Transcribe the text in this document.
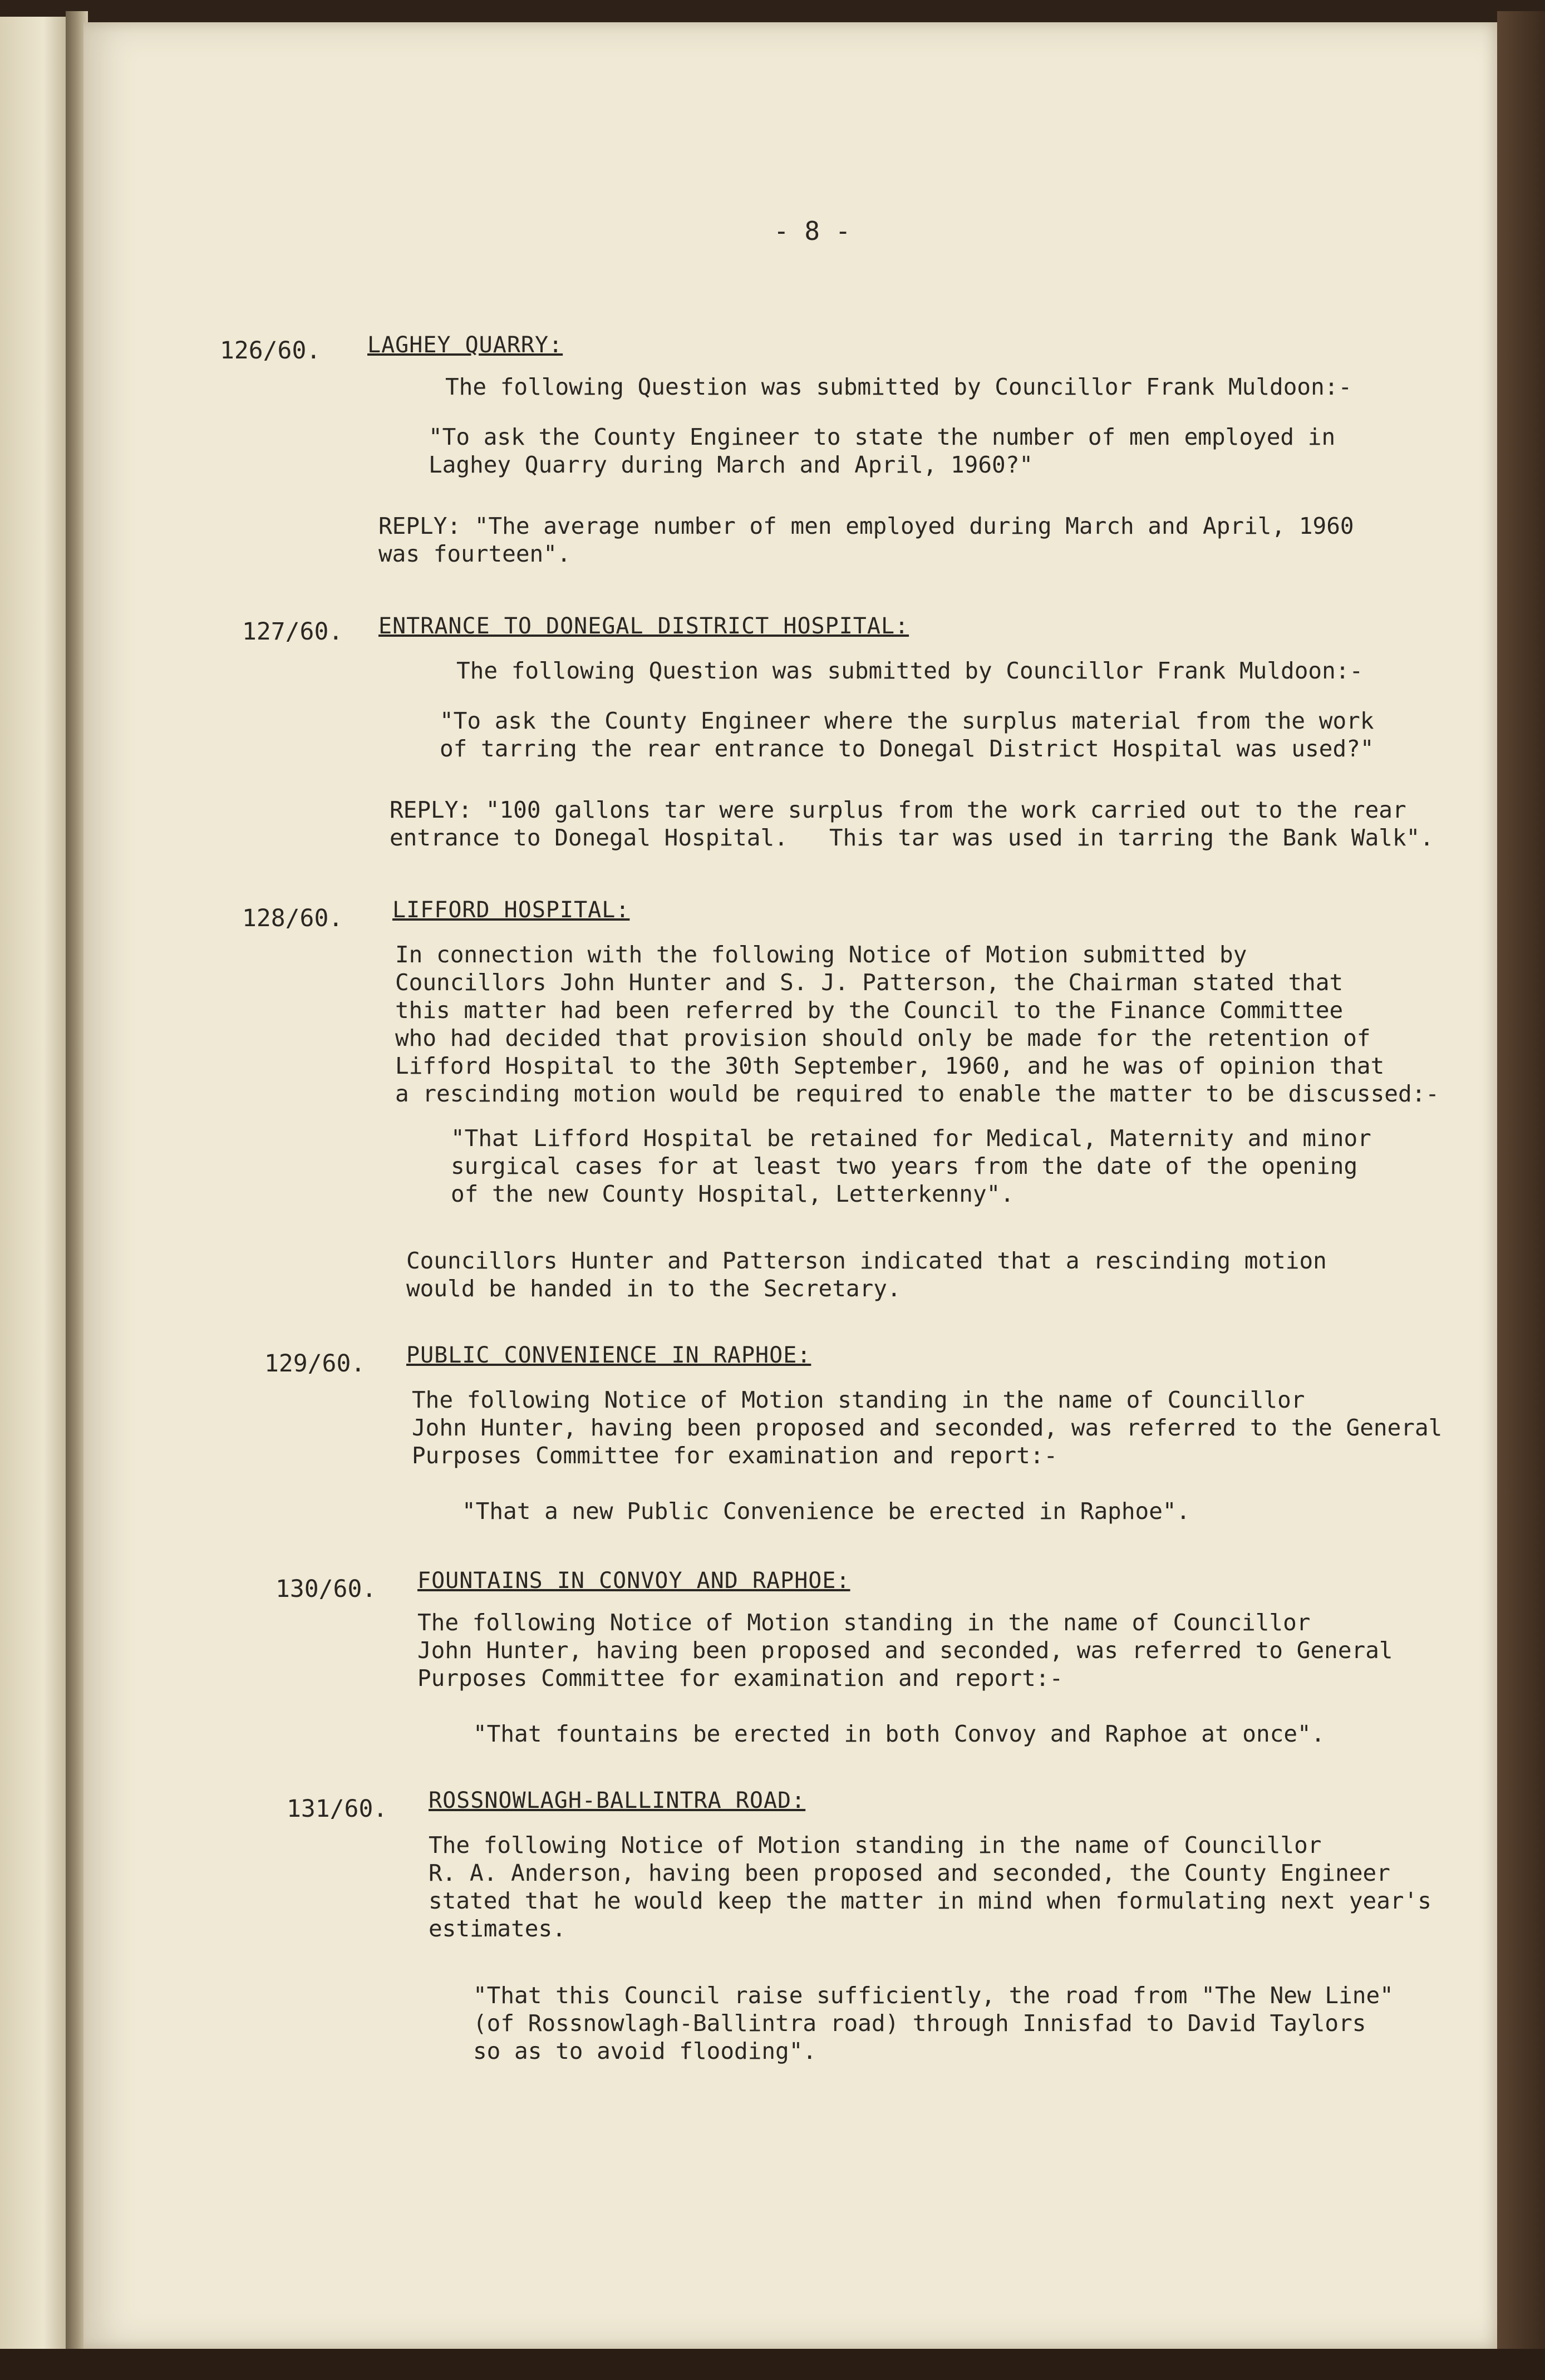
- 8 -
126/60. LAGHEY QUARRY:
The following Question was submitted by Councillor Frank Muldoon:-
"To ask the County Engineer to state the number of men employed in
Laghey Quarry during March and April, 1960?"
REPLY: "The average number of men employed during March and April, 1960
was fourteen".
127/60. ENTRANCE TO DONEGAL DISTRICT HOSPITAL:
The following Question was submitted by Councillor Frank Muldoon:-
"To ask the County Engineer where the surplus material from the work
of tarring the rear entrance to Donegal District Hospital was used?"
REPLY: "100 gallons tar were surplus from the work carried out to the rear
entrance to Donegal Hospital.   This tar was used in tarring the Bank Walk".
128/60. LIFFORD HOSPITAL:
In connection with the following Notice of Motion submitted by
Councillors John Hunter and S. J. Patterson, the Chairman stated that
this matter had been referred by the Council to the Finance Committee
who had decided that provision should only be made for the retention of
Lifford Hospital to the 30th September, 1960, and he was of opinion that
a rescinding motion would be required to enable the matter to be discussed:-
"That Lifford Hospital be retained for Medical, Maternity and minor
surgical cases for at least two years from the date of the opening
of the new County Hospital, Letterkenny".
Councillors Hunter and Patterson indicated that a rescinding motion
would be handed in to the Secretary.
129/60. PUBLIC CONVENIENCE IN RAPHOE:
The following Notice of Motion standing in the name of Councillor
John Hunter, having been proposed and seconded, was referred to the General
Purposes Committee for examination and report:-
"That a new Public Convenience be erected in Raphoe".
130/60. FOUNTAINS IN CONVOY AND RAPHOE:
The following Notice of Motion standing in the name of Councillor
John Hunter, having been proposed and seconded, was referred to General
Purposes Committee for examination and report:-
"That fountains be erected in both Convoy and Raphoe at once".
131/60. ROSSNOWLAGH-BALLINTRA ROAD:
The following Notice of Motion standing in the name of Councillor
R. A. Anderson, having been proposed and seconded, the County Engineer
stated that he would keep the matter in mind when formulating next year's
estimates.
"That this Council raise sufficiently, the road from "The New Line"
(of Rossnowlagh-Ballintra road) through Innisfad to David Taylors
so as to avoid flooding".
